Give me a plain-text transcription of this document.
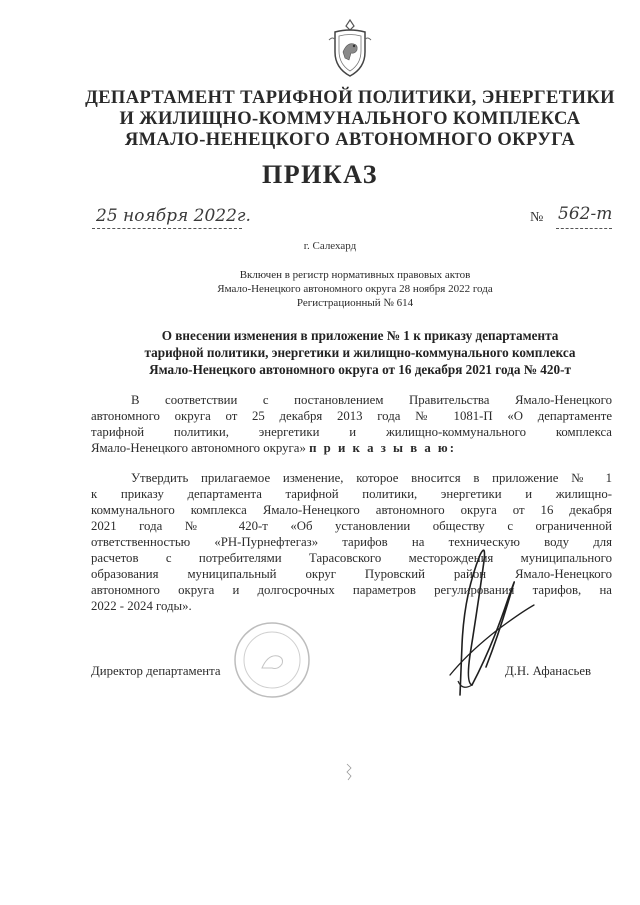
ДЕПАРТАМЕНТ ТАРИФНОЙ ПОЛИТИКИ, ЭНЕРГЕТИКИ
И ЖИЛИЩНО-КОММУНАЛЬНОГО КОМПЛЕКСА
ЯМАЛО-НЕНЕЦКОГО АВТОНОМНОГО ОКРУГА
ПРИКАЗ
25 ноября 2022г.	№ 562-т
г. Салехард
Включен в регистр нормативных правовых актов
Ямало-Ненецкого автономного округа 28 ноября 2022 года
Регистрационный № 614
О внесении изменения в приложение № 1 к приказу департамента
тарифной политики, энергетики и жилищно-коммунального комплекса
Ямало-Ненецкого автономного округа от 16 декабря 2021 года № 420-т
В соответствии с постановлением Правительства Ямало-Ненецкого
автономного округа от 25 декабря 2013 года № 1081-П «О департаменте
тарифной политики, энергетики и жилищно-коммунального комплекса
Ямало-Ненецкого автономного округа» п р и к а з ы в а ю:
Утвердить прилагаемое изменение, которое вносится в приложение № 1
к приказу департамента тарифной политики, энергетики и жилищно-
коммунального комплекса Ямало-Ненецкого автономного округа от 16 декабря
2021 года № 420-т «Об установлении обществу с ограниченной
ответственностью «РН-Пурнефтегаз» тарифов на техническую воду для
расчетов с потребителями Тарасовского месторождения муниципального
образования муниципальный округ Пуровский район Ямало-Ненецкого
автономного округа и долгосрочных параметров регулирования тарифов, на
2022 - 2024 годы».
Директор департамента	Д.Н. Афанасьев
